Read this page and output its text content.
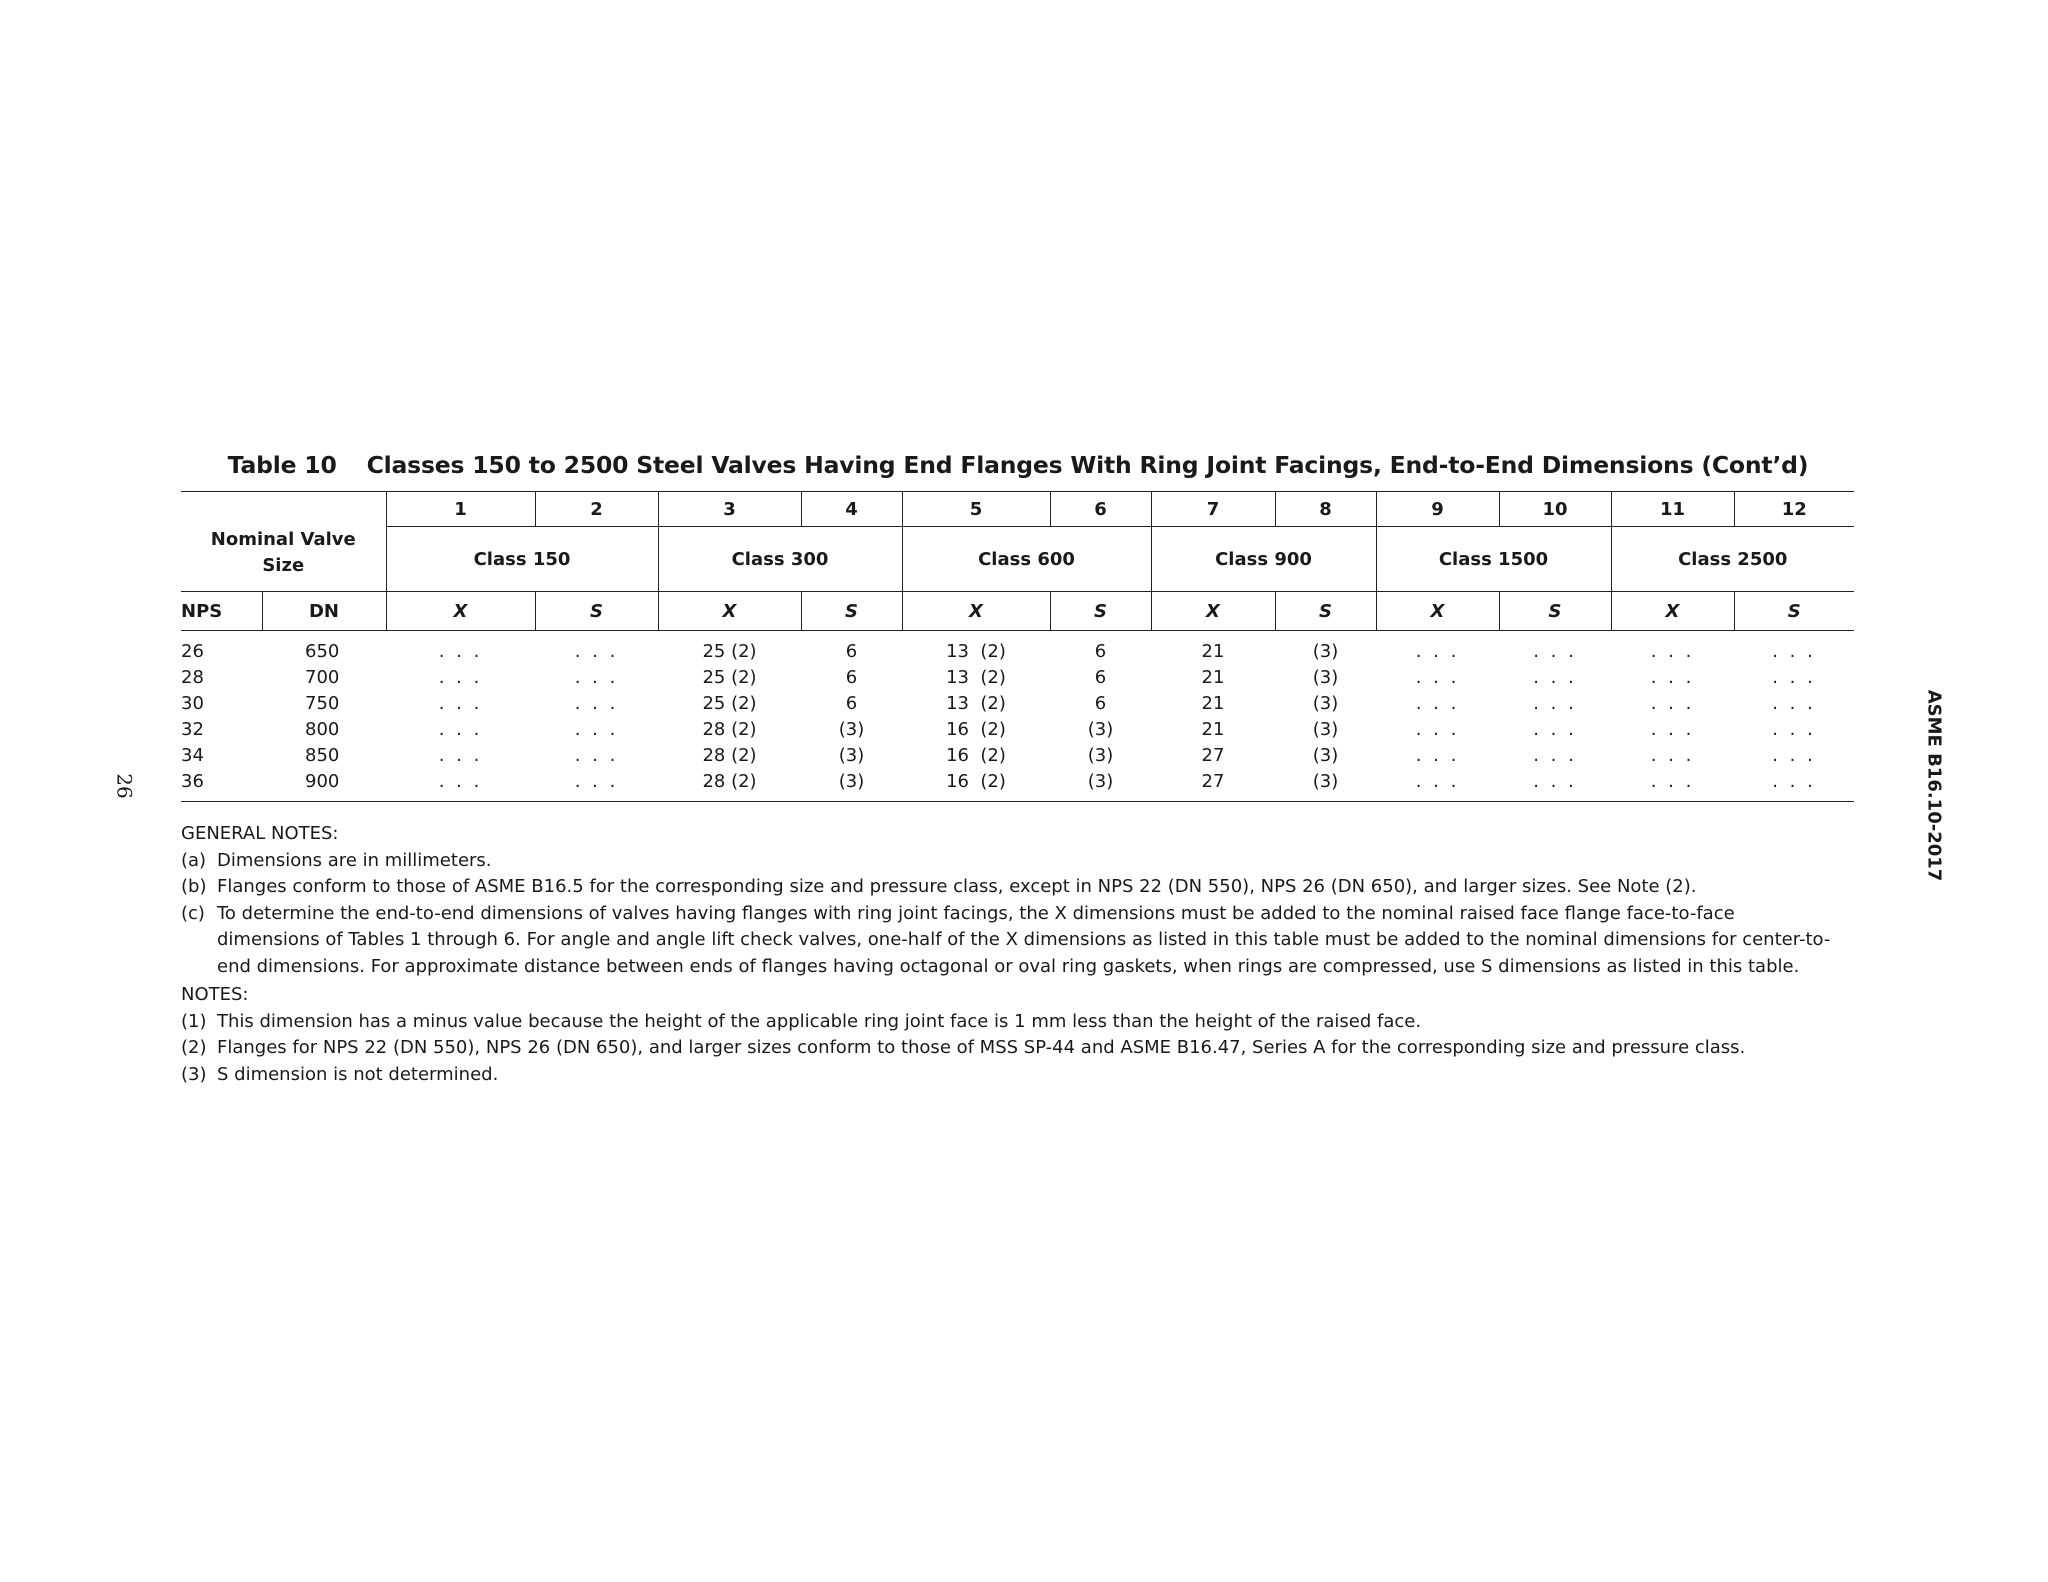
26	ASME B16.10-2017
Table 10 Classes 150 to 2500 Steel Valves Having End Flanges With Ring Joint Facings, End-to-End Dimensions (Cont’d)
		1	2	3	4	5	6	7	8	9	10	11	12

Nominal Valve
Size		Class 150		Class 300		Class 600		Class 900		Class 1500		Class 2500	
NPS	DN	X	S	X	S	X	S	X	S	X	S	X	S
26	650	. . .	. . .	25 (2)	6	13  (2)	6	21	(3)	. . .	. . .	. . .	. . .
28	700	. . .	. . .	25 (2)	6	13  (2)	6	21	(3)	. . .	. . .	. . .	. . .
30	750	. . .	. . .	25 (2)	6	13  (2)	6	21	(3)	. . .	. . .	. . .	. . .
32	800	. . .	. . .	28 (2)	(3)	16  (2)	(3)	21	(3)	. . .	. . .	. . .	. . .
34	850	. . .	. . .	28 (2)	(3)	16  (2)	(3)	27	(3)	. . .	. . .	. . .	. . .
36	900	. . .	. . .	28 (2)	(3)	16  (2)	(3)	27	(3)	. . .	. . .	. . .	. . .
GENERAL NOTES:
(a) Dimensions are in millimeters.
(b) Flanges conform to those of ASME B16.5 for the corresponding size and pressure class, except in NPS 22 (DN 550), NPS 26 (DN 650), and larger sizes. See Note (2).
(c) To determine the end-to-end dimensions of valves having flanges with ring joint facings, the X dimensions must be added to the nominal raised face flange face-to-face dimensions of Tables 1 through 6. For angle and angle lift check valves, one-half of the X dimensions as listed in this table must be added to the nominal dimensions for center-to-end dimensions. For approximate distance between ends of flanges having octagonal or oval ring gaskets, when rings are compressed, use S dimensions as listed in this table.
NOTES:
(1) This dimension has a minus value because the height of the applicable ring joint face is 1 mm less than the height of the raised face.
(2) Flanges for NPS 22 (DN 550), NPS 26 (DN 650), and larger sizes conform to those of MSS SP-44 and ASME B16.47, Series A for the corresponding size and pressure class.
(3) S dimension is not determined.
